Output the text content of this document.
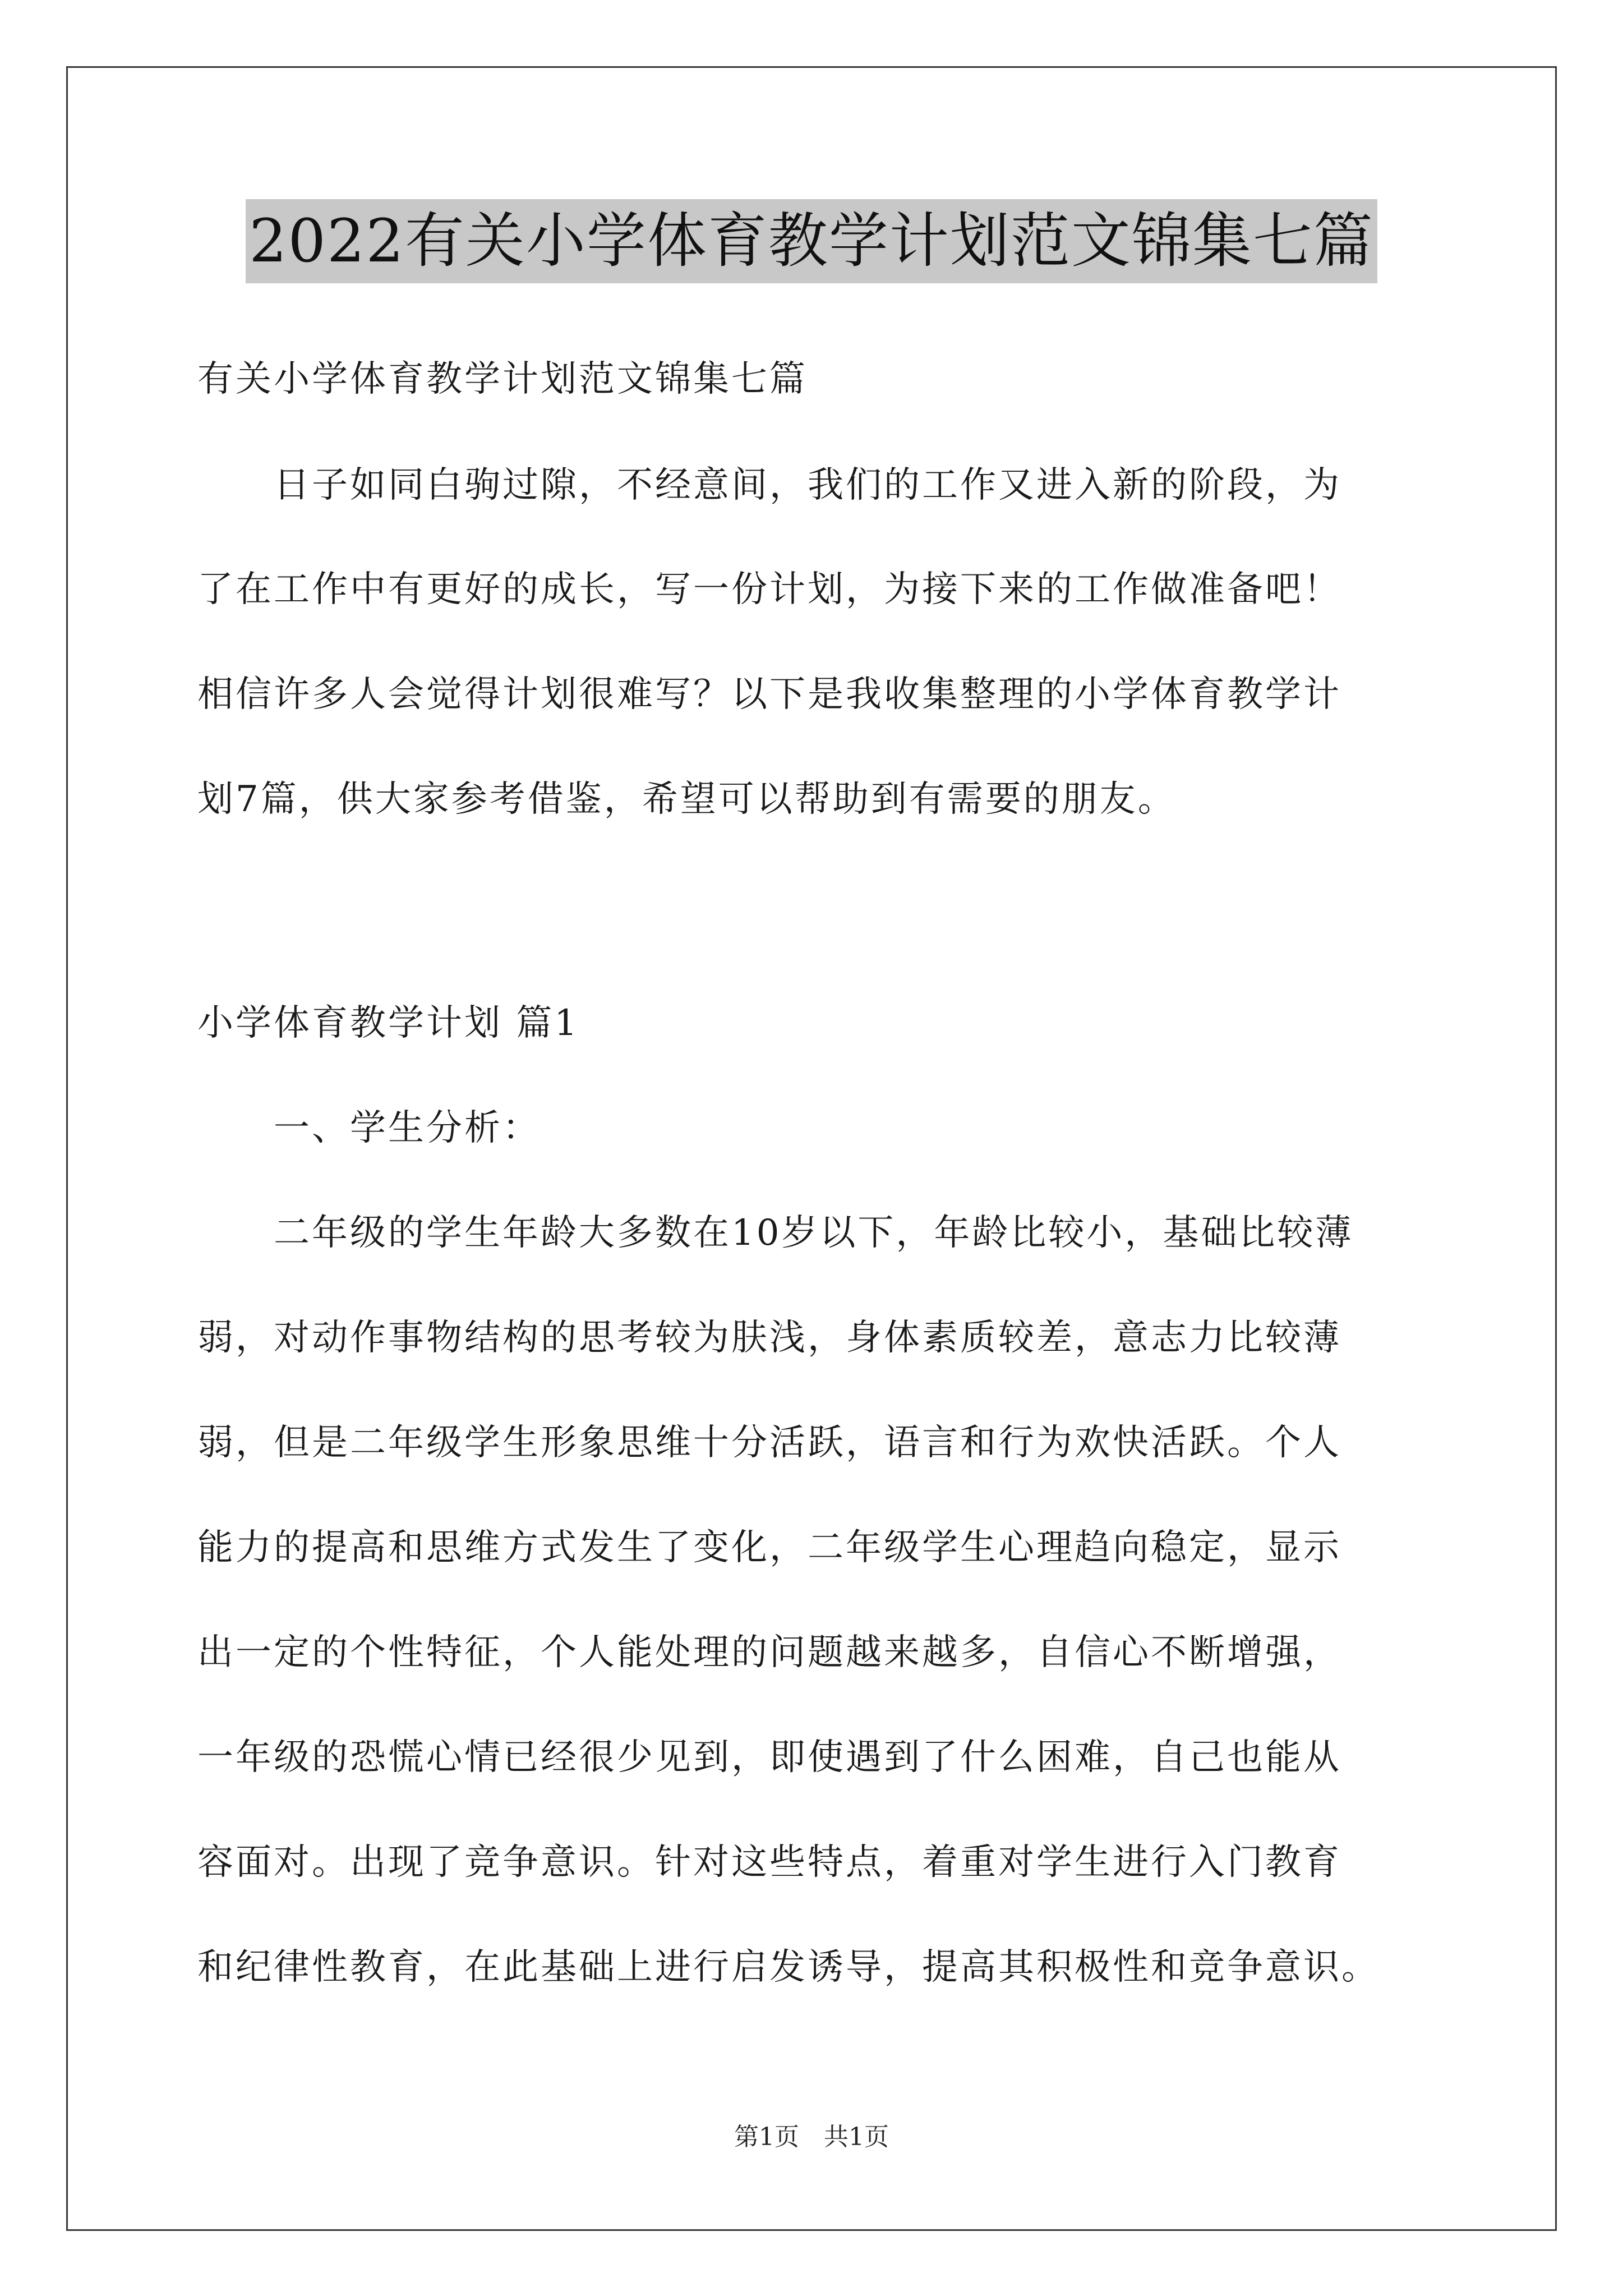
2022有关小学体育教学计划范文锦集七篇
有关小学体育教学计划范文锦集七篇
　　日子如同白驹过隙，不经意间，我们的工作又进入新的阶段，为
了在工作中有更好的成长，写一份计划，为接下来的工作做准备吧！
相信许多人会觉得计划很难写？以下是我收集整理的小学体育教学计
划7篇，供大家参考借鉴，希望可以帮助到有需要的朋友。
小学体育教学计划 篇1
　　一、学生分析：
　　二年级的学生年龄大多数在10岁以下，年龄比较小，基础比较薄
弱，对动作事物结构的思考较为肤浅，身体素质较差，意志力比较薄
弱，但是二年级学生形象思维十分活跃，语言和行为欢快活跃。个人
能力的提高和思维方式发生了变化，二年级学生心理趋向稳定，显示
出一定的个性特征，个人能处理的问题越来越多，自信心不断增强，
一年级的恐慌心情已经很少见到，即使遇到了什么困难，自己也能从
容面对。出现了竞争意识。针对这些特点，着重对学生进行入门教育
和纪律性教育，在此基础上进行启发诱导，提高其积极性和竞争意识。
第1页　共1页
